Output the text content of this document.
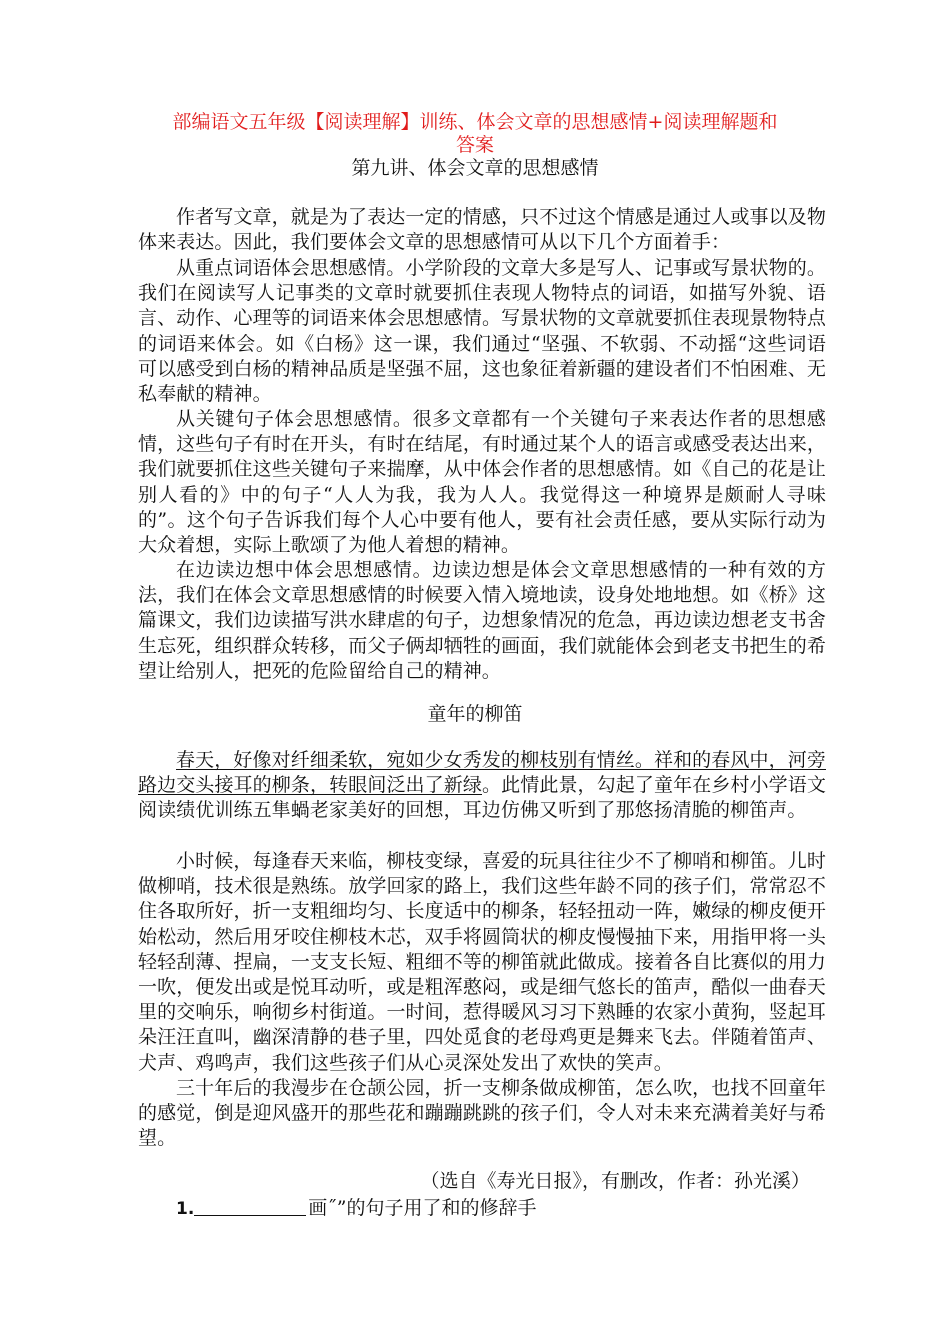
部编语文五年级【阅读理解】训练、体会文章的思想感情+阅读理解题和
答案
第九讲、体会文章的思想感情

作者写文章，就是为了表达一定的情感，只不过这个情感是通过人或事以及物体来表达。因此，我们要体会文章的思想感情可从以下几个方面着手：

从重点词语体会思想感情。小学阶段的文章大多是写人、记事或写景状物的。我们在阅读写人记事类的文章时就要抓住表现人物特点的词语，如描写外貌、语言、动作、心理等的词语来体会思想感情。写景状物的文章就要抓住表现景物特点的词语来体会。如《白杨》这一课，我们通过“坚强、不软弱、不动摇“这些词语可以感受到白杨的精神品质是坚强不屈，这也象征着新疆的建设者们不怕困难、无私奉献的精神。

从关键句子体会思想感情。很多文章都有一个关键句子来表达作者的思想感情，这些句子有时在开头，有时在结尾，有时通过某个人的语言或感受表达出来，我们就要抓住这些关键句子来揣摩，从中体会作者的思想感情。如《自己的花是让别人看的》中的句子“人人为我，我为人人。我觉得这一种境界是颇耐人寻味的”。这个句子告诉我们每个人心中要有他人，要有社会责任感，要从实际行动为大众着想，实际上歌颂了为他人着想的精神。

在边读边想中体会思想感情。边读边想是体会文章思想感情的一种有效的方法，我们在体会文章思想感情的时候要入情入境地读，设身处地地想。如《桥》这篇课文，我们边读描写洪水肆虐的句子，边想象情况的危急，再边读边想老支书舍生忘死，组织群众转移，而父子俩却牺牲的画面，我们就能体会到老支书把生的希望让给别人，把死的危险留给自己的精神。

童年的柳笛

春天，好像对纤细柔软，宛如少女秀发的柳枝别有情丝。祥和的春风中，河旁路边交头接耳的柳条，转眼间泛出了新绿。此情此景，勾起了童年在乡村小学语文阅读绩优训练五隼蝸老家美好的回想，耳边仿佛又听到了那悠扬清脆的柳笛声。

小时候，每逢春天来临，柳枝变绿，喜爱的玩具往往少不了柳哨和柳笛。儿时做柳哨，技术很是熟练。放学回家的路上，我们这些年龄不同的孩子们，常常忍不住各取所好，折一支粗细均匀、长度适中的柳条，轻轻扭动一阵，嫩绿的柳皮便开始松动，然后用牙咬住柳枝木芯，双手将圆筒状的柳皮慢慢抽下来，用指甲将一头轻轻刮薄、捏扁，一支支长短、粗细不等的柳笛就此做成。接着各自比赛似的用力一吹，便发出或是悦耳动听，或是粗浑憨闷，或是细气悠长的笛声，酷似一曲春天里的交响乐，响彻乡村街道。一时间，惹得暖风习习下熟睡的农家小黄狗，竖起耳朵汪汪直叫，幽深清静的巷子里，四处觅食的老母鸡更是舞来飞去。伴随着笛声、犬声、鸡鸣声，我们这些孩子们从心灵深处发出了欢快的笑声。

三十年后的我漫步在仓颉公园，折一支柳条做成柳笛，怎么吹，也找不回童年的感觉，倒是迎风盛开的那些花和蹦蹦跳跳的孩子们，令人对未来充满着美好与希望。

（选自《寿光日报》，有删改，作者：孙光溪）
1.	画˝”的句子用了和的修辞手
